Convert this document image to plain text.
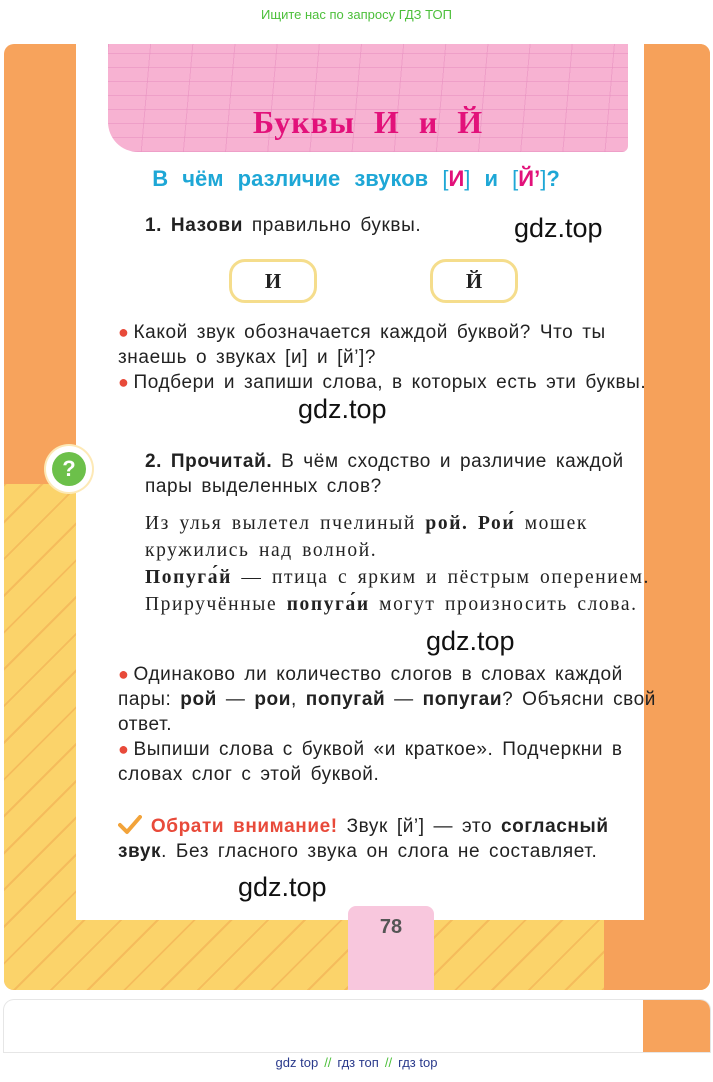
Ищите нас по запросу ГДЗ ТОП
Буквы И и Й
В чём различие звуков [И] и [Й’]?
1. Назови правильно буквы.	gdz.top
И	Й
● Какой звук обозначается каждой буквой? Что ты знаешь о звуках [и] и [й’]?
● Подбери и запиши слова, в которых есть эти буквы.
gdz.top
?	2. Прочитай. В чём сходство и различие каждой пары выделенных слов?
Из улья вылетел пчелиный рой. Рои́ мошек кружились над волной.
Попуга́й — птица с ярким и пёстрым оперением. Приручённые попуга́и могут произносить слова.
gdz.top
● Одинаково ли количество слогов в словах каждой пары: рой — рои, попугай — попугаи? Объясни свой ответ.
● Выпиши слова с буквой «и краткое». Подчеркни в словах слог с этой буквой.
Обрати внимание! Звук [й’] — это согласный звук. Без гласного звука он слога не составляет.
gdz.top
78
gdz top // гдз топ // гдз top
